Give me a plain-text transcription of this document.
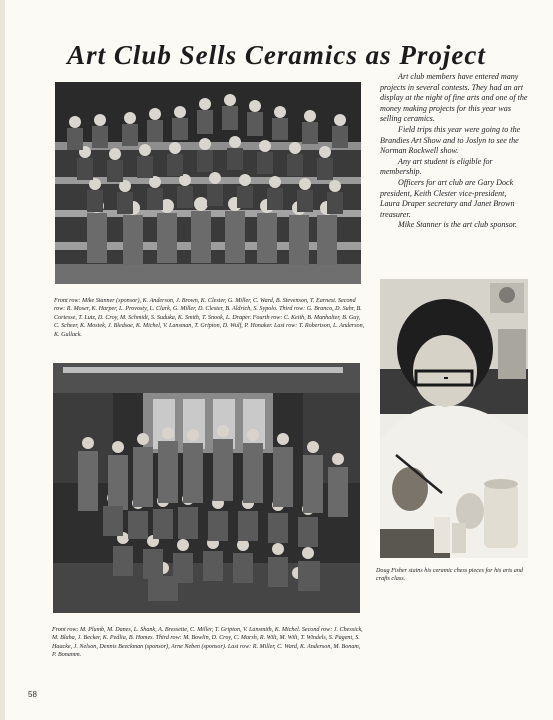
Art Club Sells Ceramics as Project
Front row: Mike Stanner (sponsor), K. Anderson, J. Brown, K. Clester, G. Miller, C. Ward, B. Stevenson, T. Earnest. Second row: R. Moser, K. Harper, L. Provosty, L. Clark, G. Miller, D. Clester, B. Aldrich, S. Sypolo. Third row: G. Branco, D. Suhr, B. Cortesse, T. Lutz, D. Croy, M. Schmidt, S. Suduka, K. Smith, T. Snook, L. Draper. Fourth row: C. Keith, B. Manhalter, B. Guy, C. Scheer, K. Mostek, J. Bledsoe, K. Michel, V. Lansman, T. Gripton, D. Wulf, P. Honaker. Last row: T. Robertson, L. Anderson, K. Gullack.

Art club members have entered many projects in several contests. They had an art display at the night of fine arts and one of the money making projects for this year was selling ceramics.

Field trips this year were going to the Brandies Art Show and to Joslyn to see the Norman Rockwell show.

Any art student is eligible for membership.

Officers for art club are Gary Dock president, Keith Clester vice-president, Laura Draper secretary and Janet Brown treasurer.

Mike Stanner is the art club sponsor.

Front row: M. Plumb, M. Danes, L. Shank, A. Bressette, C. Miller, T. Gripton, V. Lansmith, K. Michel. Second row: J. Chessick, M. Blaha, J. Becker, K. Pedlia, B. Homes. Third row: M. Bowlin, D. Croy, C. Marsh, R. Wilt, M. Wilt, T. Windels, S. Pagent, S. Haacke, J. Nelson, Dennis Beeckman (sponsor), Arne Neben (sponsor). Last row: R. Miller, C. Ward, K. Anderson, M. Bonam, P. Bonamm.
Doug Fisher stains his ceramic chess pieces for his arts and crafts class.
58
